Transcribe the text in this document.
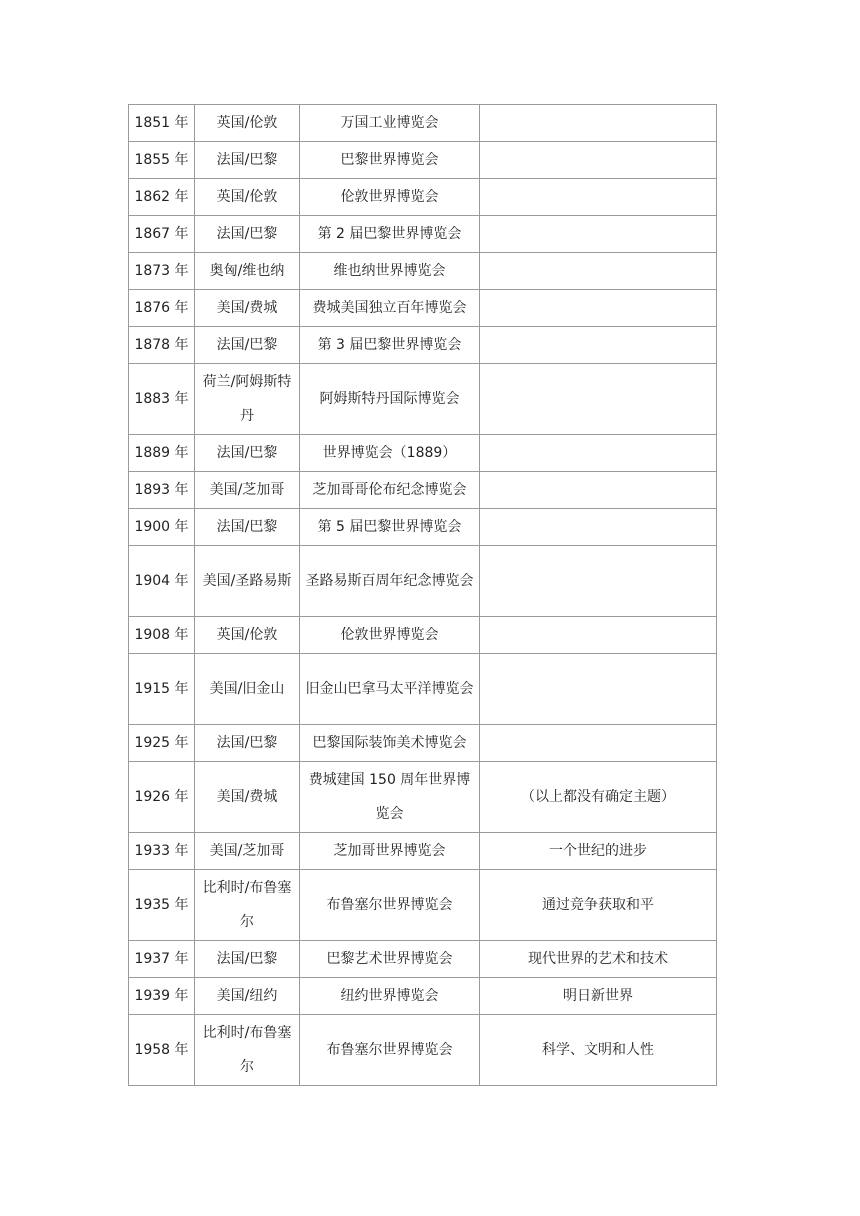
1851 年	英国/伦敦	万国工业博览会	
1855 年	法国/巴黎	巴黎世界博览会	
1862 年	英国/伦敦	伦敦世界博览会	
1867 年	法国/巴黎	第 2 届巴黎世界博览会	
1873 年	奥匈/维也纳	维也纳世界博览会	
1876 年	美国/费城	费城美国独立百年博览会	
1878 年	法国/巴黎	第 3 届巴黎世界博览会	
1883 年	荷兰/阿姆斯特丹	阿姆斯特丹国际博览会	
1889 年	法国/巴黎	世界博览会（1889）	
1893 年	美国/芝加哥	芝加哥哥伦布纪念博览会	
1900 年	法国/巴黎	第 5 届巴黎世界博览会	
1904 年	美国/圣路易斯	圣路易斯百周年纪念博览会	
1908 年	英国/伦敦	伦敦世界博览会	
1915 年	美国/旧金山	旧金山巴拿马太平洋博览会	
1925 年	法国/巴黎	巴黎国际装饰美术博览会	
1926 年	美国/费城	费城建国 150 周年世界博览会	（以上都没有确定主题）
1933 年	美国/芝加哥	芝加哥世界博览会	一个世纪的进步
1935 年	比利时/布鲁塞尔	布鲁塞尔世界博览会	通过竞争获取和平
1937 年	法国/巴黎	巴黎艺术世界博览会	现代世界的艺术和技术
1939 年	美国/纽约	纽约世界博览会	明日新世界
1958 年	比利时/布鲁塞尔	布鲁塞尔世界博览会	科学、文明和人性
